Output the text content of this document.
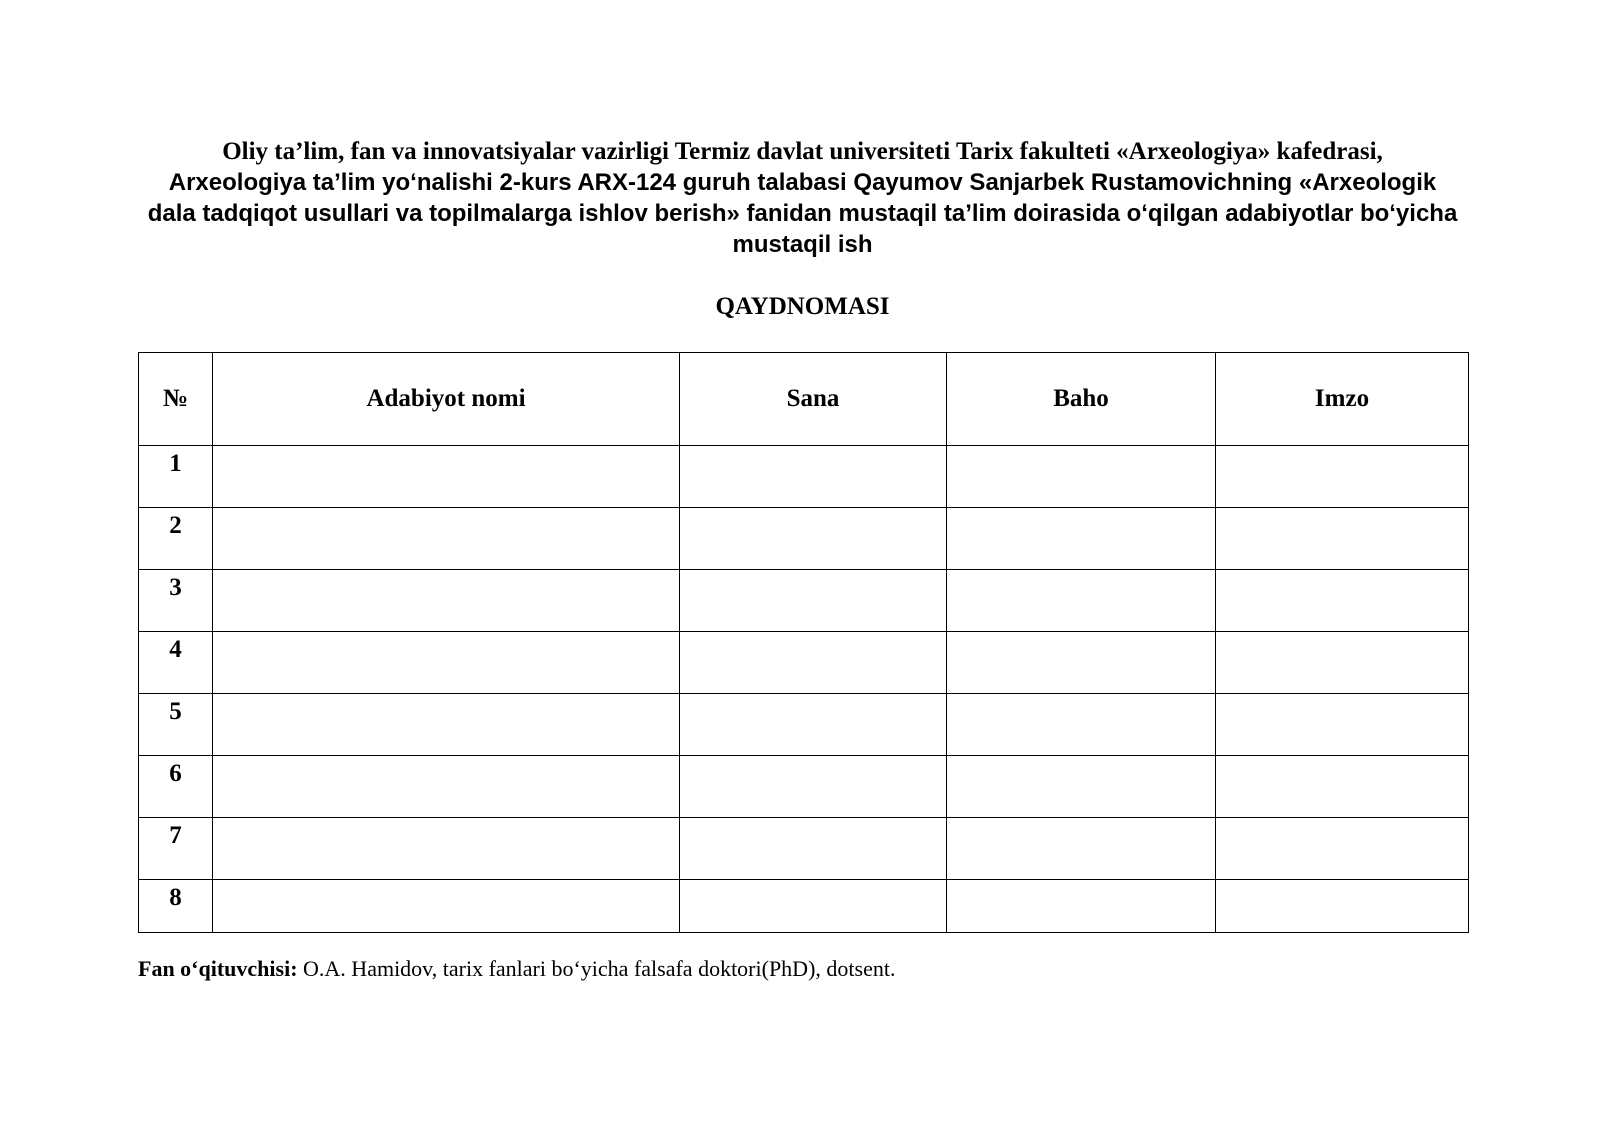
Oliy ta’lim, fan va innovatsiyalar vazirligi Termiz davlat universiteti Tarix fakulteti «Arxeologiya» kafedrasi,
Arxeologiya ta’lim yo‘nalishi 2-kurs ARX-124 guruh talabasi Qayumov Sanjarbek Rustamovichning «Arxeologik
dala tadqiqot usullari va topilmalarga ishlov berish» fanidan mustaqil ta’lim doirasida o‘qilgan adabiyotlar bo‘yicha
mustaqil ish
QAYDNOMASI
№	Adabiyot nomi	Sana	Baho	Imzo
1				
2				
3				
4				
5				
6				
7				
8				
Fan o‘qituvchisi: O.A. Hamidov, tarix fanlari bo‘yicha falsafa doktori(PhD), dotsent.
